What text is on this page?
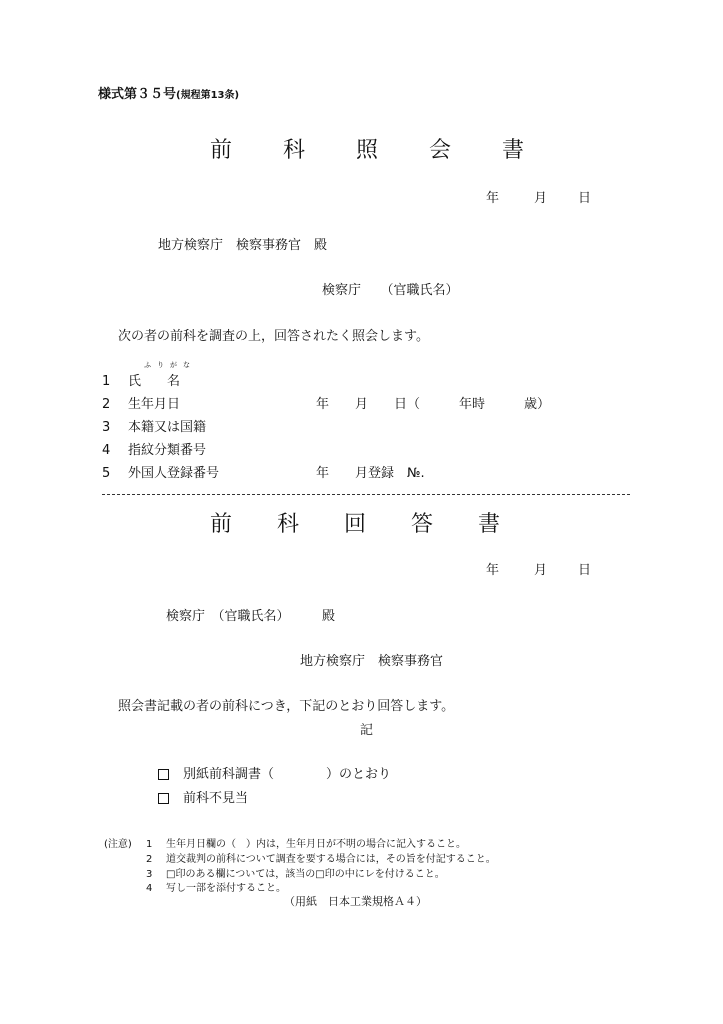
様式第３５号(規程第13条)
前 科 照 会 書
年	月 日
地方検察庁　検察事務官　殿
検察庁　　（官職氏名）
次の者の前科を調査の上，回答されたく照会します。
ふりがな
1 氏　　名
2 生年月日	年　　月　　日（　　　年時　　　歳）
3 本籍又は国籍
4 指紋分類番号
5 外国人登録番号	年　　月登録　№.
前 科 回 答 書
年	月 日
検察庁　（官職氏名）　　　殿
地方検察庁　検察事務官
照会書記載の者の前科につき，下記のとおり回答します。
記
別紙前科調書（　　　　）のとおり
前科不見当
(注意) 1 生年月日欄の（　）内は，生年月日が不明の場合に記入すること。
2 道交裁判の前科について調査を要する場合には，その旨を付記すること。
3 □印のある欄については，該当の□印の中にレを付けること。
4 写し一部を添付すること。
（用紙　日本工業規格Ａ４）
